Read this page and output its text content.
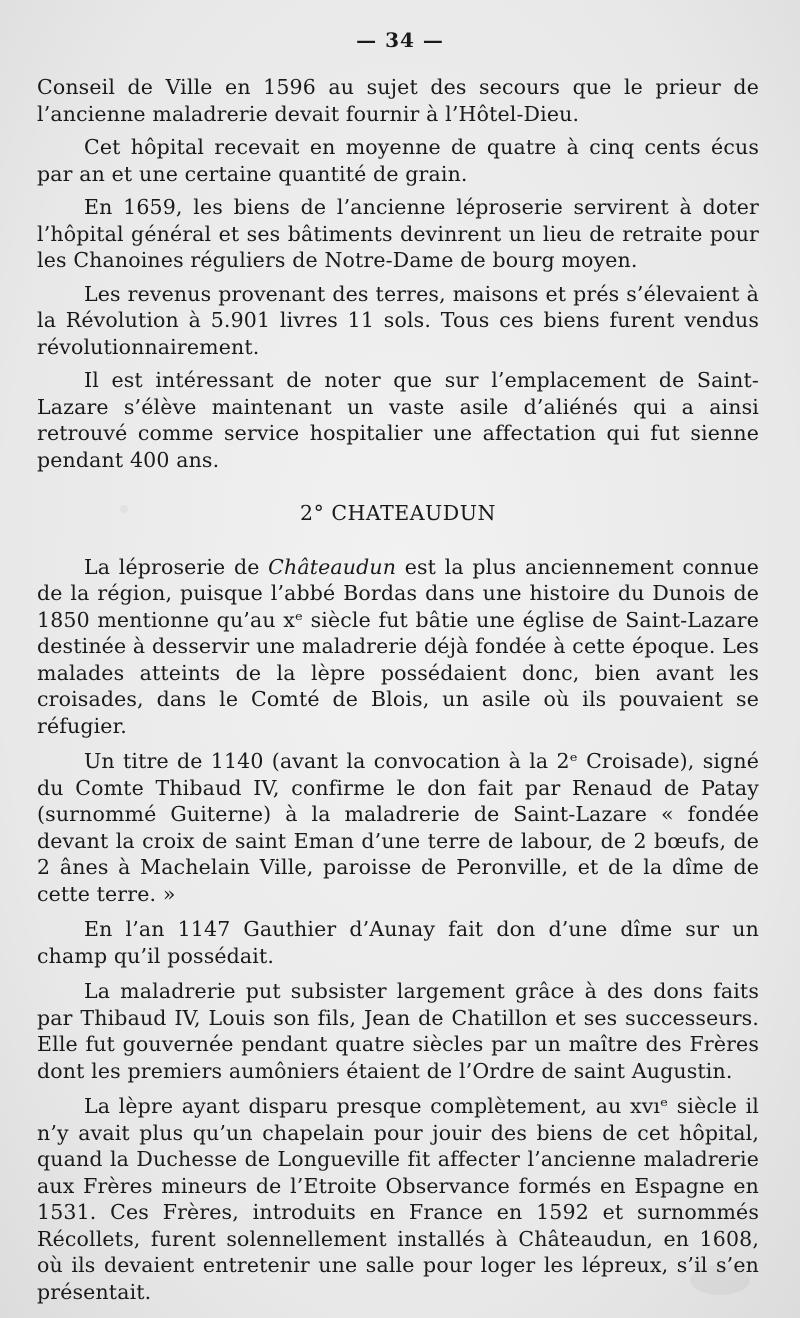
— 34 —

Conseil de Ville en 1596 au sujet des secours que le prieur de l’ancienne maladrerie devait fournir à l’Hôtel-Dieu.

Cet hôpital recevait en moyenne de quatre à cinq cents écus par an et une certaine quantité de grain.

En 1659, les biens de l’ancienne léproserie servirent à doter l’hôpital général et ses bâtiments devinrent un lieu de retraite pour les Chanoines réguliers de Notre-Dame de bourg moyen.

Les revenus provenant des terres, maisons et prés s’élevaient à la Révolution à 5.901 livres 11 sols. Tous ces biens furent vendus révolutionnairement.

Il est intéressant de noter que sur l’emplacement de Saint-Lazare s’élève maintenant un vaste asile d’aliénés qui a ainsi retrouvé comme service hospitalier une affectation qui fut sienne pendant 400 ans.

2° CHATEAUDUN

La léproserie de Châteaudun est la plus anciennement connue de la région, puisque l’abbé Bordas dans une histoire du Dunois de 1850 mentionne qu’au xᵉ siècle fut bâtie une église de Saint-Lazare destinée à desservir une maladrerie déjà fondée à cette époque. Les malades atteints de la lèpre possédaient donc, bien avant les croisades, dans le Comté de Blois, un asile où ils pouvaient se réfugier.

Un titre de 1140 (avant la convocation à la 2ᵉ Croisade), signé du Comte Thibaud IV, confirme le don fait par Renaud de Patay (surnommé Guiterne) à la maladrerie de Saint-Lazare « fondée devant la croix de saint Eman d’une terre de labour, de 2 bœufs, de 2 ânes à Machelain Ville, paroisse de Peronville, et de la dîme de cette terre. »

En l’an 1147 Gauthier d’Aunay fait don d’une dîme sur un champ qu’il possédait.

La maladrerie put subsister largement grâce à des dons faits par Thibaud IV, Louis son fils, Jean de Chatillon et ses successeurs. Elle fut gouvernée pendant quatre siècles par un maître des Frères dont les premiers aumôniers étaient de l’Ordre de saint Augustin.

La lèpre ayant disparu presque complètement, au xvıᵉ siècle il n’y avait plus qu’un chapelain pour jouir des biens de cet hôpital, quand la Duchesse de Longueville fit affecter l’ancienne maladrerie aux Frères mineurs de l’Etroite Observance formés en Espagne en 1531. Ces Frères, introduits en France en 1592 et surnommés Récollets, furent solennellement installés à Châteaudun, en 1608, où ils devaient entretenir une salle pour loger les lépreux, s’il s’en présentait.
